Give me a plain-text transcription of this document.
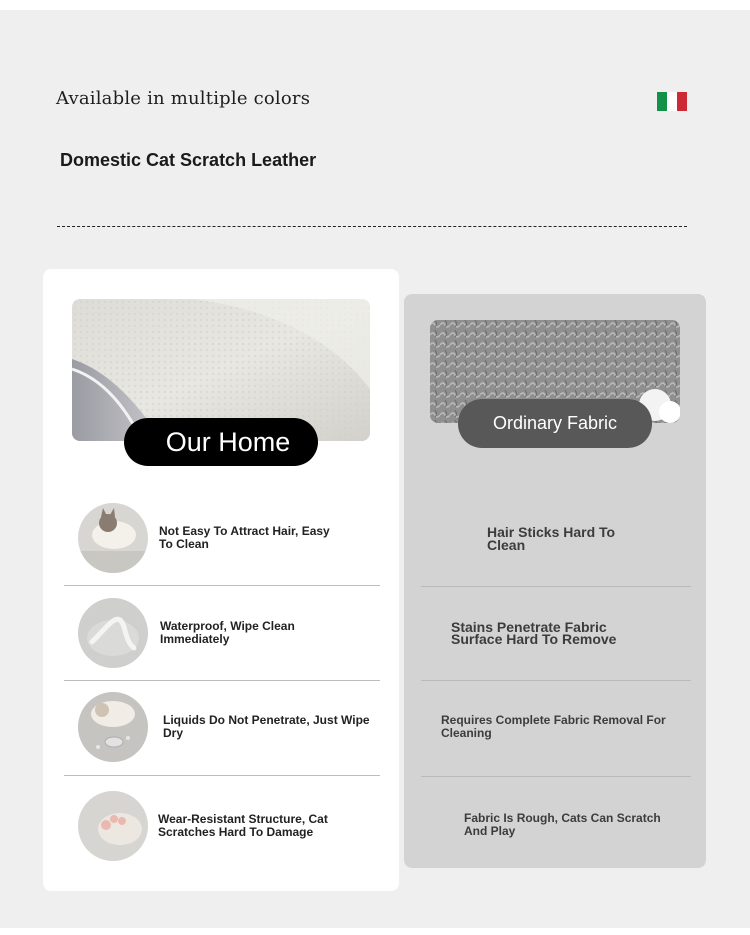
Available in multiple colors
Domestic Cat Scratch Leather
Our Home
Not Easy To Attract Hair, Easy To Clean
Waterproof, Wipe Clean Immediately
Liquids Do Not Penetrate, Just Wipe Dry
Wear-Resistant Structure, Cat Scratches Hard To Damage
Ordinary Fabric
Hair Sticks Hard To Clean
Stains Penetrate Fabric Surface Hard To Remove
Requires Complete Fabric Removal For Cleaning
Fabric Is Rough, Cats Can Scratch And Play
